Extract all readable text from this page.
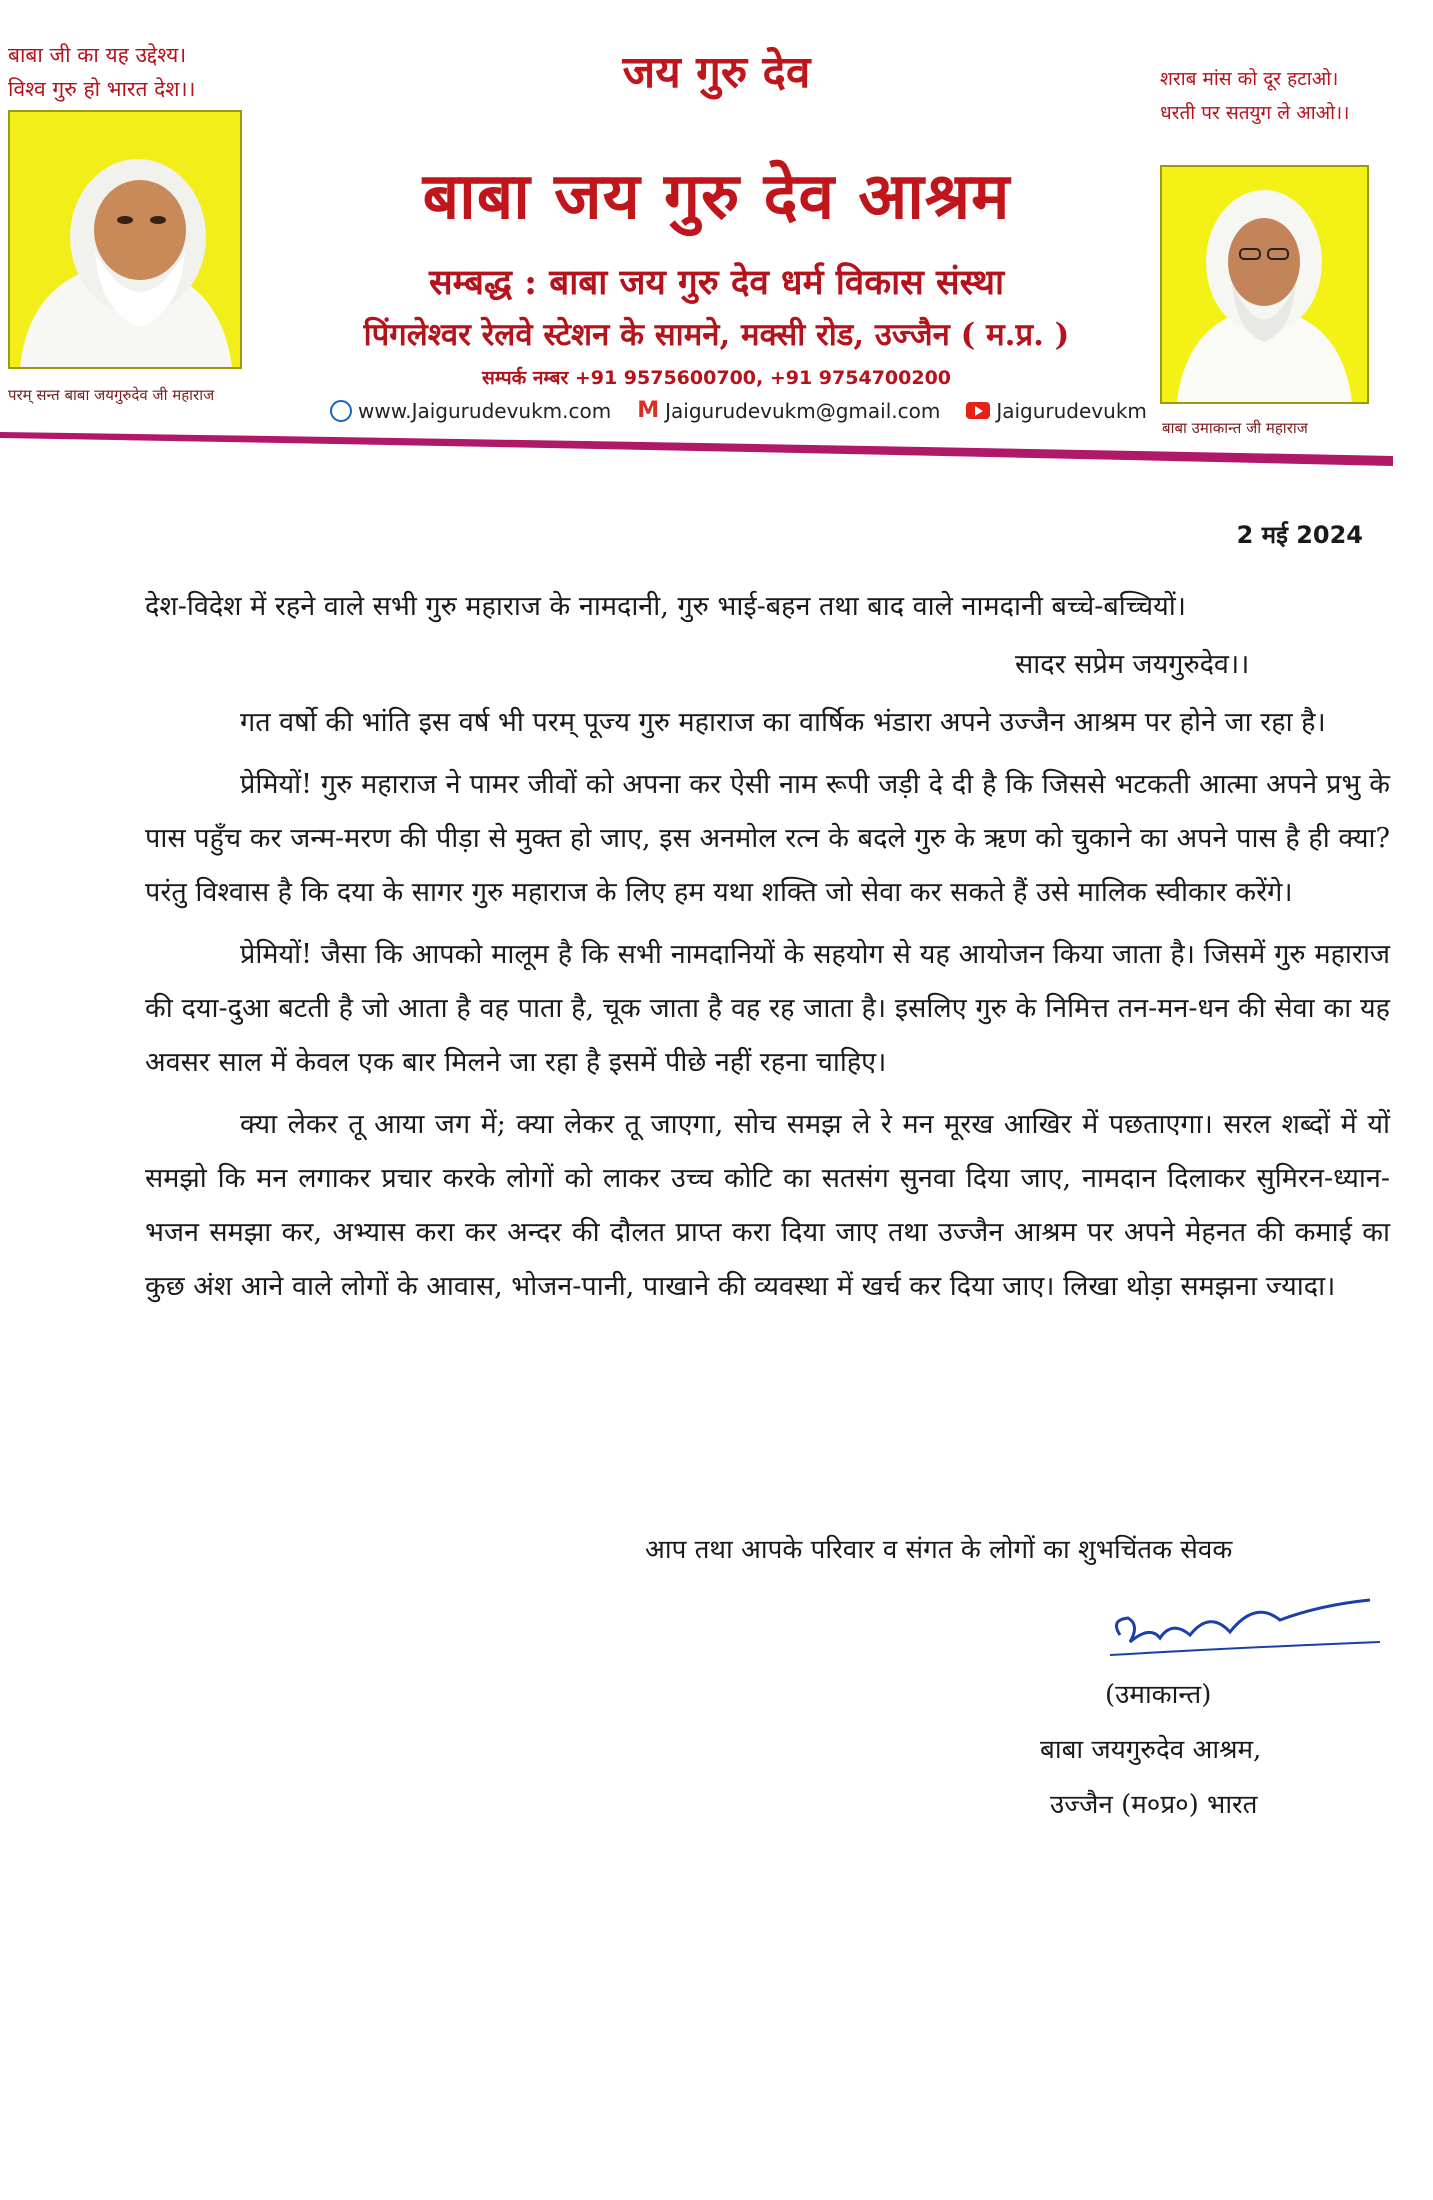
बाबा जी का यह उद्देश्य।
विश्व गुरु हो भारत देश।।	शराब मांस को दूर हटाओ।
धरती पर सतयुग ले आओ।।
परम् सन्त बाबा जयगुरुदेव जी महाराज
बाबा उमाकान्त जी महाराज
जय गुरु देव
बाबा जय गुरु देव आश्रम
सम्बद्ध : बाबा जय गुरु देव धर्म विकास संस्था
पिंगलेश्वर रेलवे स्टेशन के सामने, मक्सी रोड, उज्जैन ( म.प्र. )
सम्पर्क नम्बर +91 9575600700, +91 9754700200
www.Jaigurudevukm.com M Jaigurudevukm@gmail.com	Jaigurudevukm
2 मई 2024
देश-विदेश में रहने वाले सभी गुरु महाराज के नामदानी, गुरु भाई-बहन तथा बाद वाले नामदानी बच्चे-बच्चियों।
सादर सप्रेम जयगुरुदेव।।

गत वर्षो की भांति इस वर्ष भी परम् पूज्य गुरु महाराज का वार्षिक भंडारा अपने उज्जैन आश्रम पर होने जा रहा है।

प्रेमियों! गुरु महाराज ने पामर जीवों को अपना कर ऐसी नाम रूपी जड़ी दे दी है कि जिससे भटकती आत्मा अपने प्रभु के पास पहुँच कर जन्म-मरण की पीड़ा से मुक्त हो जाए, इस अनमोल रत्न के बदले गुरु के ऋण को चुकाने का अपने पास है ही क्या? परंतु विश्वास है कि दया के सागर गुरु महाराज के लिए हम यथा शक्ति जो सेवा कर सकते हैं उसे मालिक स्वीकार करेंगे।

प्रेमियों! जैसा कि आपको मालूम है कि सभी नामदानियों के सहयोग से यह आयोजन किया जाता है। जिसमें गुरु महाराज की दया-दुआ बटती है जो आता है वह पाता है, चूक जाता है वह रह जाता है। इसलिए गुरु के निमित्त तन-मन-धन की सेवा का यह अवसर साल में केवल एक बार मिलने जा रहा है इसमें पीछे नहीं रहना चाहिए।

क्या लेकर तू आया जग में; क्या लेकर तू जाएगा, सोच समझ ले रे मन मूरख आखिर में पछताएगा। सरल शब्दों में यों समझो कि मन लगाकर प्रचार करके लोगों को लाकर उच्च कोटि का सतसंग सुनवा दिया जाए, नामदान दिलाकर सुमिरन-ध्यान-भजन समझा कर, अभ्यास करा कर अन्दर की दौलत प्राप्त करा दिया जाए तथा उज्जैन आश्रम पर अपने मेहनत की कमाई का कुछ अंश आने वाले लोगों के आवास, भोजन-पानी, पाखाने की व्यवस्था में खर्च कर दिया जाए। लिखा थोड़ा समझना ज्यादा।

आप तथा आपके परिवार व संगत के लोगों का शुभचिंतक सेवक
(उमाकान्त)
बाबा जयगुरुदेव आश्रम,
उज्जैन (म०प्र०) भारत
